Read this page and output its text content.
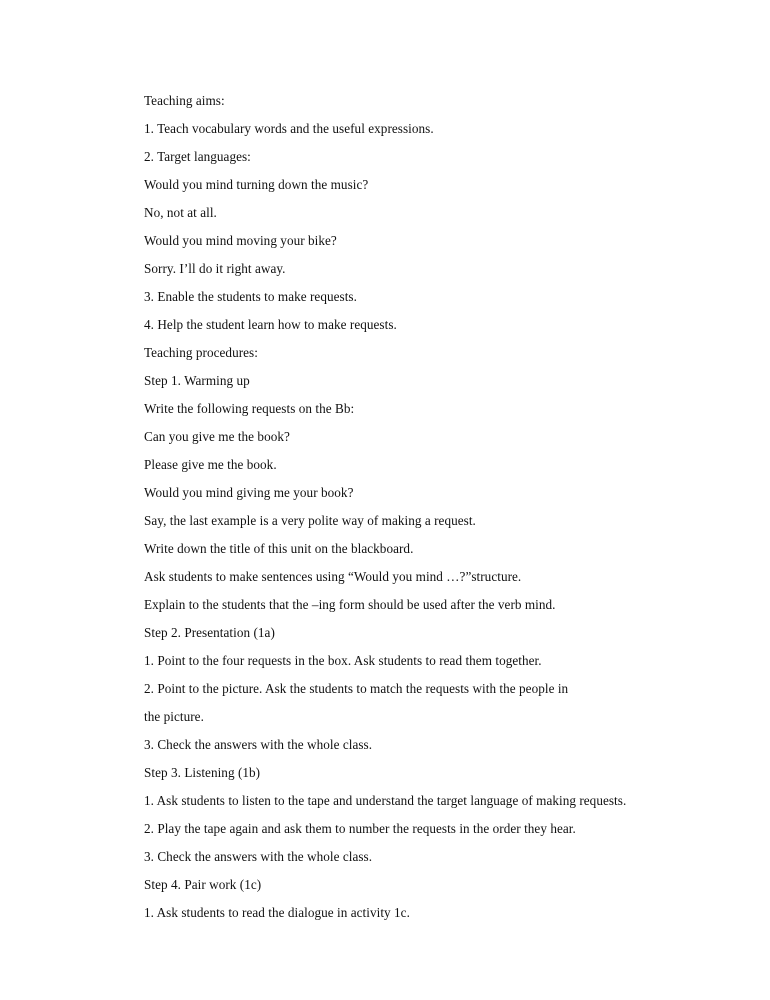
Teaching aims:
1. Teach vocabulary words and the useful expressions.
2. Target languages:
Would you mind turning down the music?
No, not at all.
Would you mind moving your bike?
Sorry. I’ll do it right away.
3. Enable the students to make requests.
4. Help the student learn how to make requests.
Teaching procedures:
Step 1. Warming up
Write the following requests on the Bb:
Can you give me the book?
Please give me the book.
Would you mind giving me your book?
Say, the last example is a very polite way of making a request.
Write down the title of this unit on the blackboard.
Ask students to make sentences using “Would you mind …?”structure.
Explain to the students that the –ing form should be used after the verb mind.
Step 2. Presentation (1a)
1. Point to the four requests in the box. Ask students to read them together.
2. Point to the picture. Ask the students to match the requests with the people in
the picture.
3. Check the answers with the whole class.
Step 3. Listening (1b)
1. Ask students to listen to the tape and understand the target language of making requests.
2. Play the tape again and ask them to number the requests in the order they hear.
3. Check the answers with the whole class.
Step 4. Pair work (1c)
1. Ask students to read the dialogue in activity 1c.
